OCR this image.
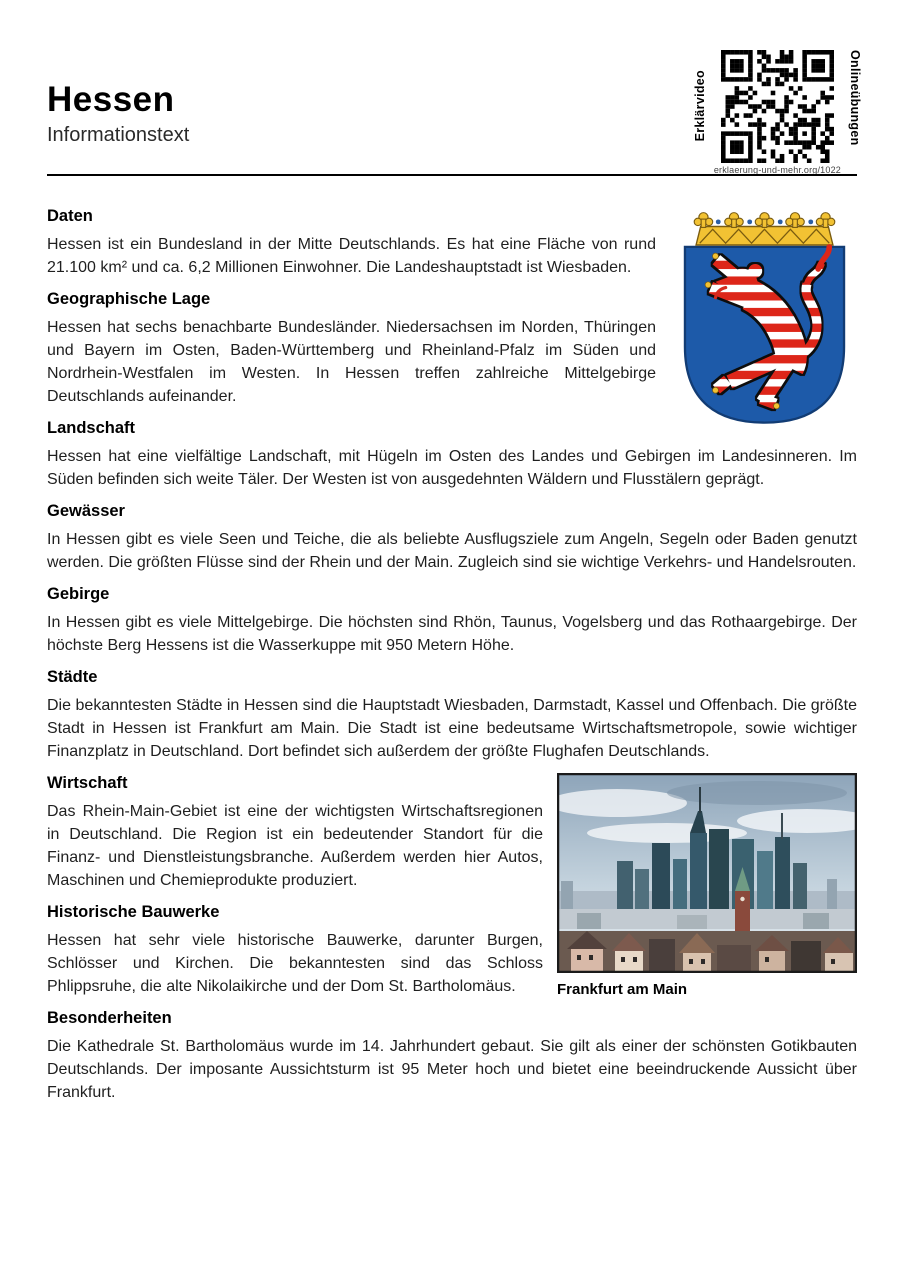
Hessen
Informationstext	Erklärvideo
erklaerung-und-mehr.org/1022
Onlineübungen
Daten

Hessen ist ein Bundesland in der Mitte Deutschlands. Es hat eine Fläche von rund 21.100 km² und ca. 6,2 Millionen Einwohner. Die Landeshauptstadt ist Wiesbaden.

Geographische Lage

Hessen hat sechs benachbarte Bundesländer. Niedersachsen im Norden, Thüringen und Bayern im Osten, Baden-Württemberg und Rheinland-Pfalz im Süden und Nordrhein-Westfalen im Westen. In Hessen treffen zahlreiche Mittelgebirge Deutschlands aufeinander.

Landschaft

Hessen hat eine vielfältige Landschaft, mit Hügeln im Osten des Landes und Gebirgen im Landesinneren. Im Süden befinden sich weite Täler. Der Westen ist von ausgedehnten Wäldern und Flusstälern geprägt.

Gewässer

In Hessen gibt es viele Seen und Teiche, die als beliebte Ausflugsziele zum Angeln, Segeln oder Baden genutzt werden. Die größten Flüsse sind der Rhein und der Main. Zugleich sind sie wichtige Verkehrs- und Handelsrouten.

Gebirge

In Hessen gibt es viele Mittelgebirge. Die höchsten sind Rhön, Taunus, Vogelsberg und das Rothaargebirge. Der höchste Berg Hessens ist die Wasserkuppe mit 950 Metern Höhe.

Städte

Die bekanntesten Städte in Hessen sind die Hauptstadt Wiesbaden, Darmstadt, Kassel und Offenbach. Die größte Stadt in Hessen ist Frankfurt am Main. Die Stadt ist eine bedeutsame Wirtschaftsmetropole, sowie wichtiger Finanzplatz in Deutschland. Dort befindet sich außerdem der größte Flughafen Deutschlands.

Frankfurt am Main
Wirtschaft

Das Rhein-Main-Gebiet ist eine der wichtigsten Wirtschaftsregionen in Deutschland. Die Region ist ein bedeutender Standort für die Finanz- und Dienstleistungsbranche. Außerdem werden hier Autos, Maschinen und Chemieprodukte produziert.

Historische Bauwerke

Hessen hat sehr viele historische Bauwerke, darunter Burgen, Schlösser und Kirchen. Die bekanntesten sind das Schloss Phlippsruhe, die alte Nikolaikirche und der Dom St. Bartholomäus.

Besonderheiten

Die Kathedrale St. Bartholomäus wurde im 14. Jahrhundert gebaut. Sie gilt als einer der schönsten Gotikbauten Deutschlands. Der imposante Aussichtsturm ist 95 Meter hoch und bietet eine beeindruckende Aussicht über Frankfurt.
